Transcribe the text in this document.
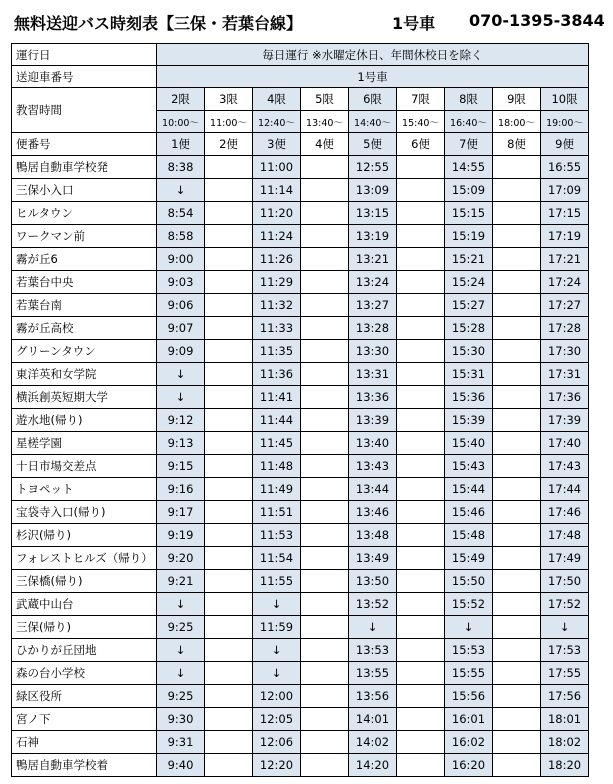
無料送迎バス時刻表【三保・若葉台線】	1号車 070-1395-3844
運行日	毎日運行 ※水曜定休日、年間休校日を除く								
送迎車番号	1号車								
教習時間	2限	3限	4限	5限	6限	7限	8限	9限	10限
	10:00～	11:00～	12:40～	13:40～	14:40～	15:40～	16:40～	18:00～	19:00～
便番号	1便	2便	3便	4便	5便	6便	7便	8便	9便
鴨居自動車学校発	8:38		11:00		12:55		14:55		16:55
三保小入口	↓		11:14		13:09		15:09		17:09
ヒルタウン	8:54		11:20		13:15		15:15		17:15
ワークマン前	8:58		11:24		13:19		15:19		17:19
霧が丘6	9:00		11:26		13:21		15:21		17:21
若葉台中央	9:03		11:29		13:24		15:24		17:24
若葉台南	9:06		11:32		13:27		15:27		17:27
霧が丘高校	9:07		11:33		13:28		15:28		17:28
グリーンタウン	9:09		11:35		13:30		15:30		17:30
東洋英和女学院	↓		11:36		13:31		15:31		17:31
横浜創英短期大学	↓		11:41		13:36		15:36		17:36
遊水地(帰り)	9:12		11:44		13:39		15:39		17:39
星槎学園	9:13		11:45		13:40		15:40		17:40
十日市場交差点	9:15		11:48		13:43		15:43		17:43
トヨペット	9:16		11:49		13:44		15:44		17:44
宝袋寺入口(帰り)	9:17		11:51		13:46		15:46		17:46
杉沢(帰り)	9:19		11:53		13:48		15:48		17:48
フォレストヒルズ（帰り）	9:20		11:54		13:49		15:49		17:49
三保橋(帰り)	9:21		11:55		13:50		15:50		17:50
武蔵中山台	↓		↓		13:52		15:52		17:52
三保(帰り)	9:25		11:59		↓		↓		↓
ひかりが丘団地	↓		↓		13:53		15:53		17:53
森の台小学校	↓		↓		13:55		15:55		17:55
緑区役所	9:25		12:00		13:56		15:56		17:56
宮ノ下	9:30		12:05		14:01		16:01		18:01
石神	9:31		12:06		14:02		16:02		18:02
鴨居自動車学校着	9:40		12:20		14:20		16:20		18:20
